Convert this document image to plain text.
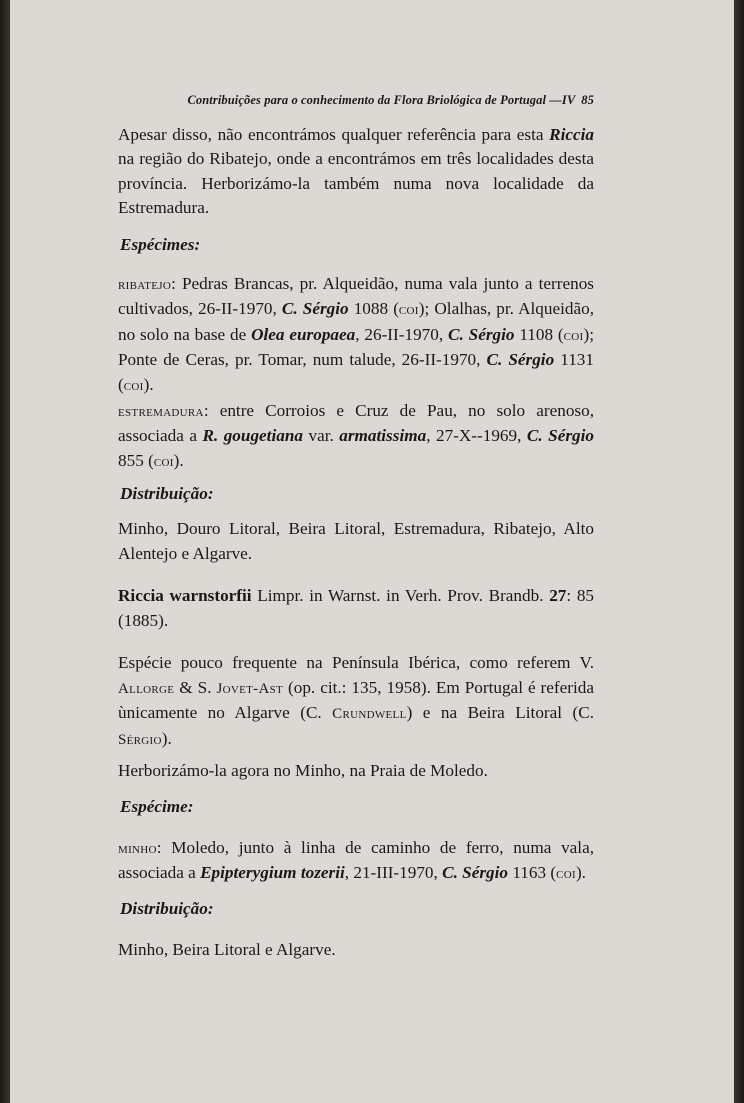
Contribuições para o conhecimento da Flora Briológica de Portugal —IV 85

Apesar disso, não encontrámos qualquer referência para esta Riccia na região do Ribatejo, onde a encontrámos em três localidades desta província. Herborizámo-la também numa nova localidade da Estremadura.

Espécimes:

ribatejo: Pedras Brancas, pr. Alqueidão, numa vala junto a terrenos cultivados, 26-II-1970, C. Sérgio 1088 (coi); Olalhas, pr. Alqueidão, no solo na base de Olea europaea, 26-II-1970, C. Sérgio 1108 (coi); Ponte de Ceras, pr. Tomar, num talude, 26-II-1970, C. Sérgio 1131 (coi).

estremadura: entre Corroios e Cruz de Pau, no solo arenoso, associada a R. gougetiana var. armatissima, 27-X--1969, C. Sérgio 855 (coi).

Distribuição:

Minho, Douro Litoral, Beira Litoral, Estremadura, Ribatejo, Alto Alentejo e Algarve.

Riccia warnstorfii Limpr. in Warnst. in Verh. Prov. Brandb. 27: 85 (1885).

Espécie pouco frequente na Península Ibérica, como referem V. Allorge & S. Jovet-Ast (op. cit.: 135, 1958). Em Portugal é referida ùnicamente no Algarve (C. Crundwell) e na Beira Litoral (C. Sérgio).

Herborizámo-la agora no Minho, na Praia de Moledo.

Espécime:

minho: Moledo, junto à linha de caminho de ferro, numa vala, associada a Epipterygium tozerii, 21-III-1970, C. Sérgio 1163 (coi).

Distribuição:

Minho, Beira Litoral e Algarve.
